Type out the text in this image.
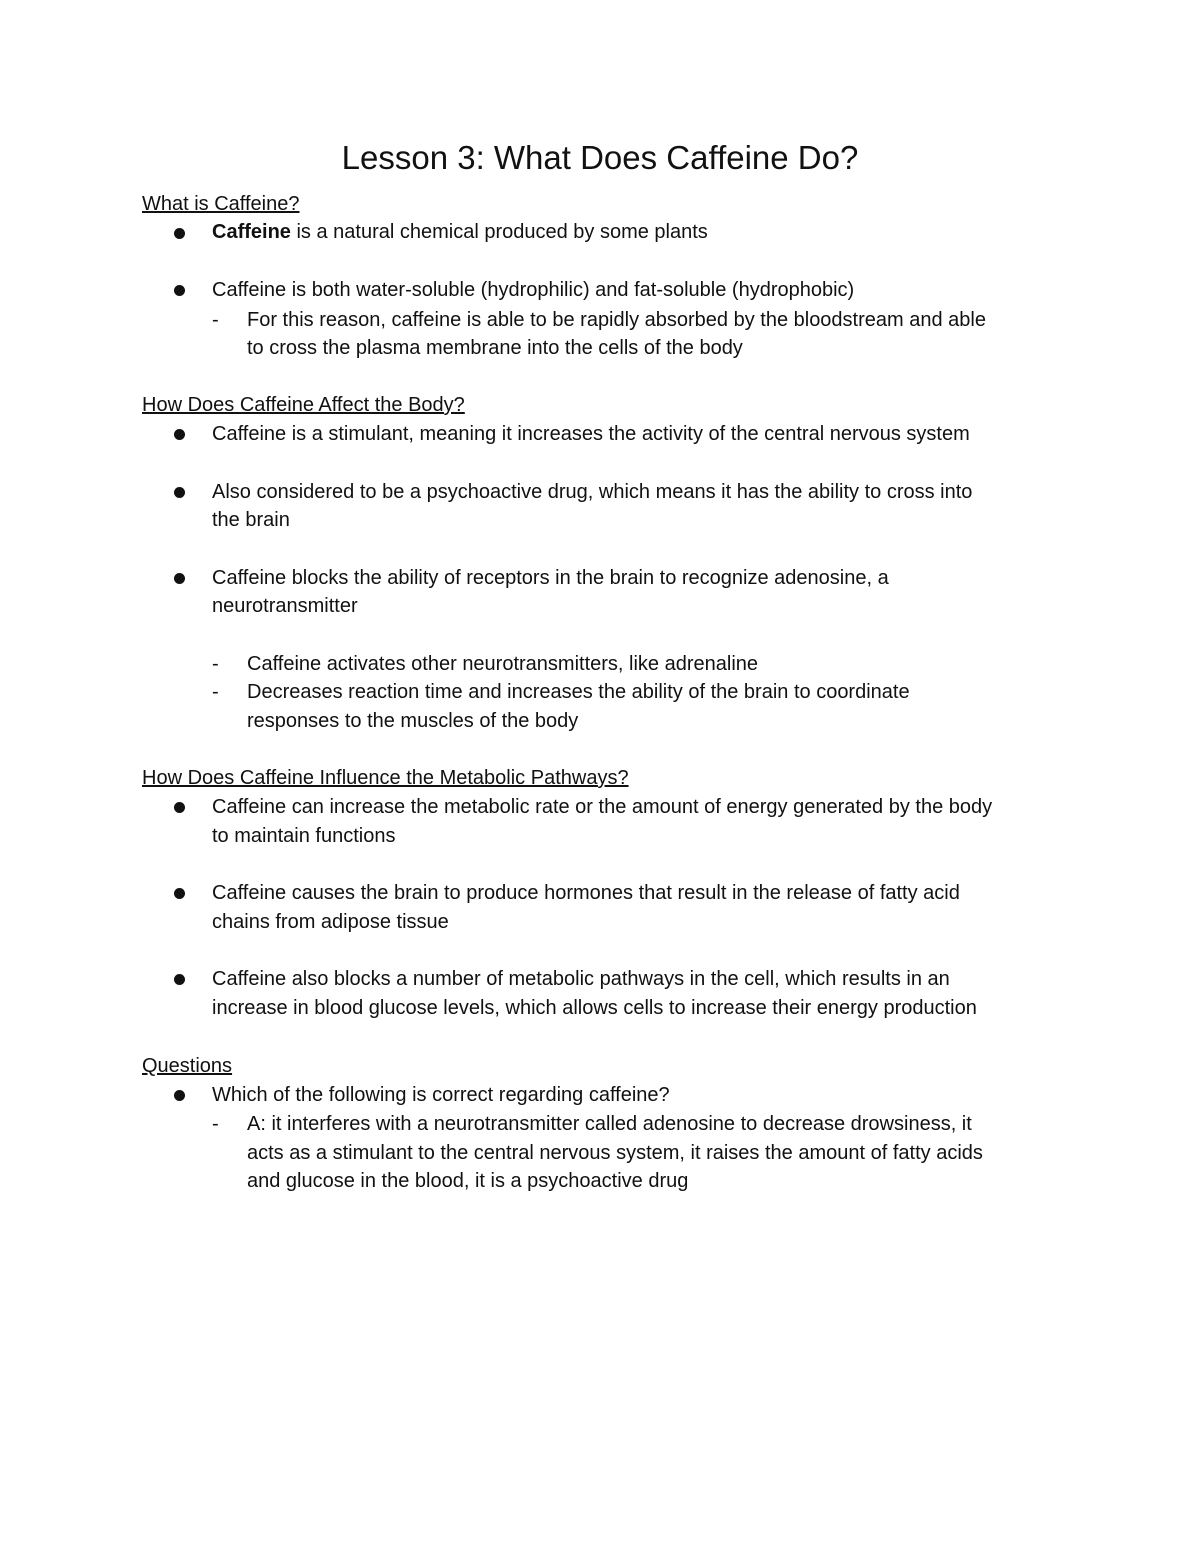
Lesson 3: What Does Caffeine Do?
What is Caffeine?
Caffeine is a natural chemical produced by some plants
Caffeine is both water-soluble (hydrophilic) and fat-soluble (hydrophobic)
- For this reason, caffeine is able to be rapidly absorbed by the bloodstream and able
to cross the plasma membrane into the cells of the body
How Does Caffeine Affect the Body?
Caffeine is a stimulant, meaning it increases the activity of the central nervous system
Also considered to be a psychoactive drug, which means it has the ability to cross into
the brain
Caffeine blocks the ability of receptors in the brain to recognize adenosine, a
neurotransmitter
- Caffeine activates other neurotransmitters, like adrenaline
- Decreases reaction time and increases the ability of the brain to coordinate
responses to the muscles of the body
How Does Caffeine Influence the Metabolic Pathways?
Caffeine can increase the metabolic rate or the amount of energy generated by the body
to maintain functions
Caffeine causes the brain to produce hormones that result in the release of fatty acid
chains from adipose tissue
Caffeine also blocks a number of metabolic pathways in the cell, which results in an
increase in blood glucose levels, which allows cells to increase their energy production
Questions
Which of the following is correct regarding caffeine?
- A: it interferes with a neurotransmitter called adenosine to decrease drowsiness, it
acts as a stimulant to the central nervous system, it raises the amount of fatty acids
and glucose in the blood, it is a psychoactive drug
